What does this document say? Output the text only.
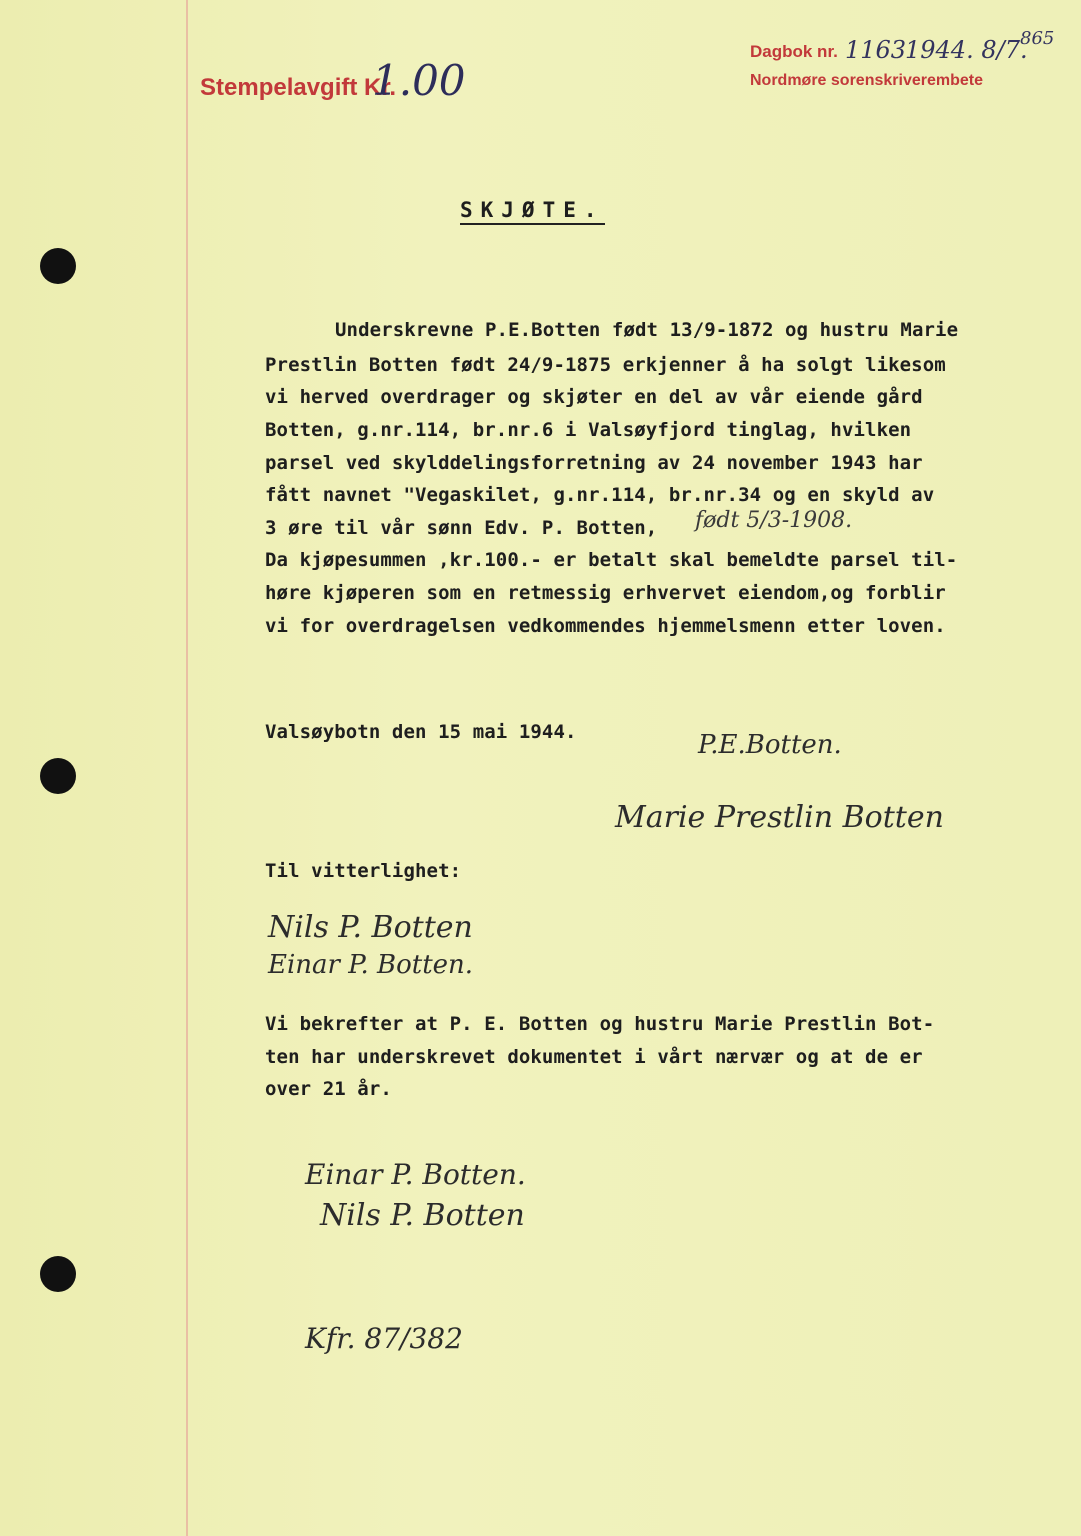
Stempelavgift Kr.
1.00
Dagbok nr. 1163
1944. 8/7.
865
Nordmøre sorenskriverembete
SKJØTE.
Underskrevne P.E.Botten født 13/9-1872 og hustru Marie
Prestlin Botten født 24/9-1875 erkjenner å ha solgt likesom
vi herved overdrager og skjøter en del av vår eiende gård
Botten, g.nr.114, br.nr.6 i Valsøyfjord tinglag, hvilken
parsel ved skylddelingsforretning av 24 november 1943 har
fått navnet "Vegaskilet, g.nr.114, br.nr.34 og en skyld av
3 øre til vår sønn Edv. P. Botten,	født 5/3-1908.
Da kjøpesummen ,kr.100.- er betalt skal bemeldte parsel til-
høre kjøperen som en retmessig erhvervet eiendom,og forblir
vi for overdragelsen vedkommendes hjemmelsmenn etter loven.
Valsøybotn den 15 mai 1944.	P.E.Botten.
Marie Prestlin Botten
Til vitterlighet:
Nils P. Botten
Einar P. Botten.
Vi bekrefter at P. E. Botten og hustru Marie Prestlin Bot-
ten har underskrevet dokumentet i vårt nærvær og at de er
over 21 år.
Einar P. Botten.
Nils P. Botten
Kfr. 87/382
